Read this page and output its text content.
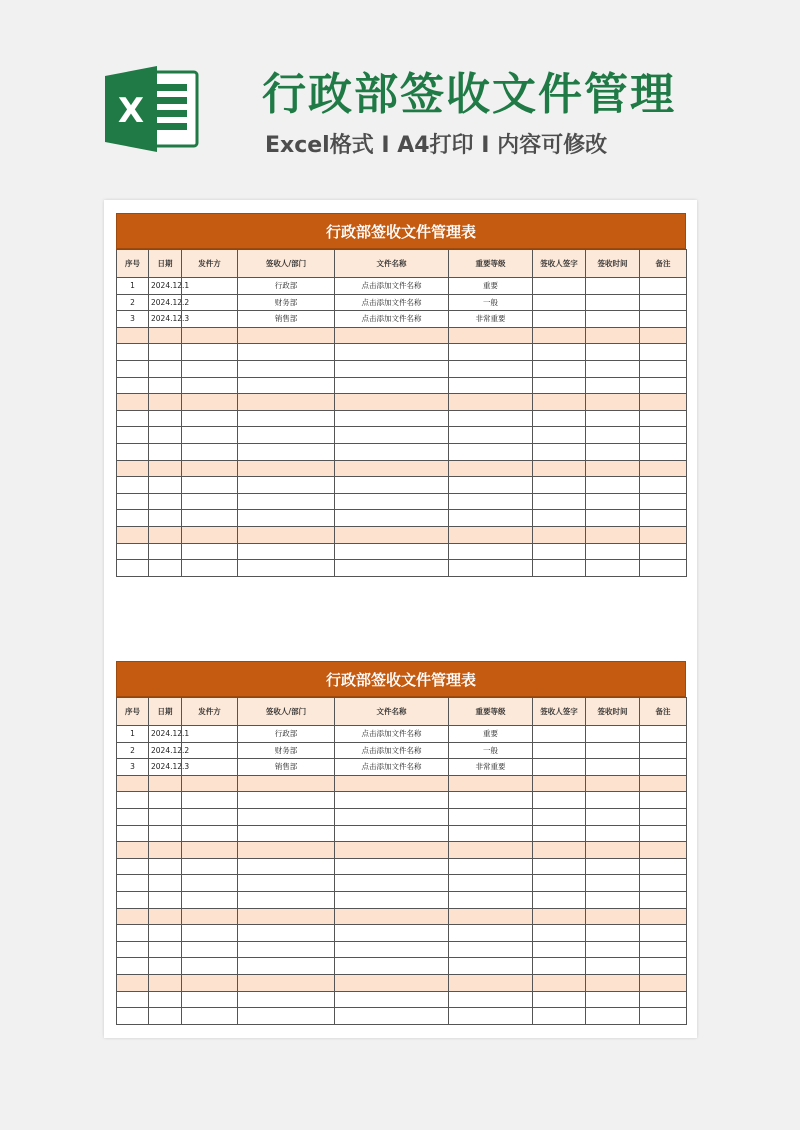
X	行政部签收文件管理
Excel格式 I A4打印 I 内容可修改
行政部签收文件管理表
序号	日期	发件方	签收人/部门	文件名称	重要等级	签收人签字	签收时间	备注
1	2024.12.1		行政部	点击添加文件名称	重要			
2	2024.12.2		财务部	点击添加文件名称	一般			
3	2024.12.3		销售部	点击添加文件名称	非常重要			

行政部签收文件管理表
序号	日期	发件方	签收人/部门	文件名称	重要等级	签收人签字	签收时间	备注
1	2024.12.1		行政部	点击添加文件名称	重要			
2	2024.12.2		财务部	点击添加文件名称	一般			
3	2024.12.3		销售部	点击添加文件名称	非常重要			
